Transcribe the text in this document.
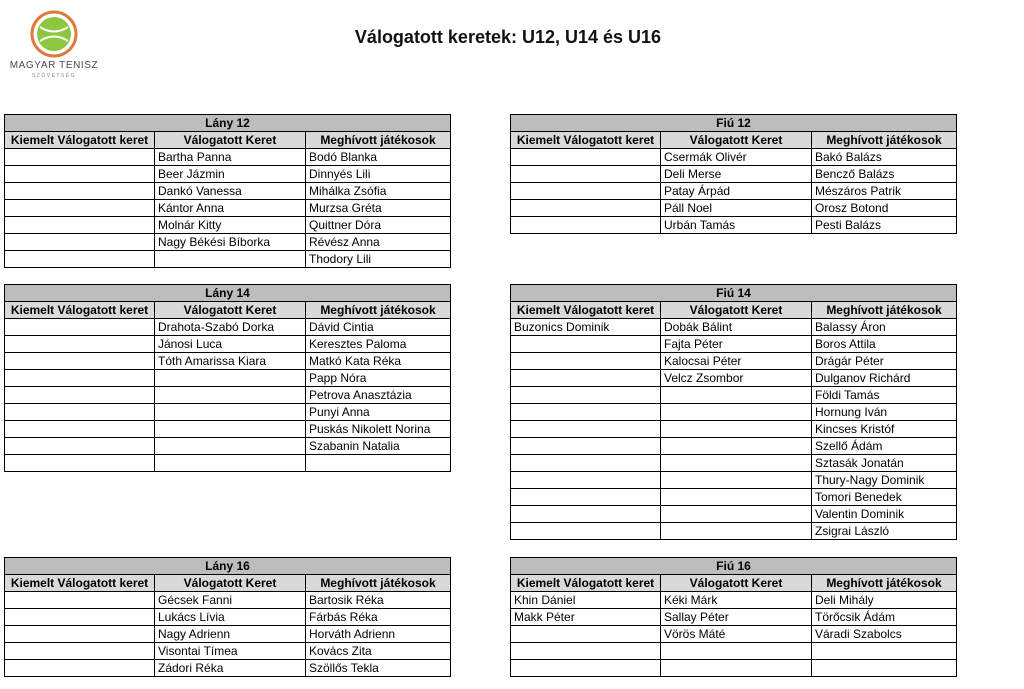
MAGYAR TENISZ
SZÖVETSÉG
Válogatott keretek: U12, U14 és U16
Lány 12		
Kiemelt Válogatott keret	Válogatott Keret	Meghívott játékosok
	Bartha Panna	Bodó Blanka
	Beer Jázmin	Dinnyés Lili
	Dankó Vanessa	Mihálka Zsófia
	Kántor Anna	Murzsa Gréta
	Molnár Kitty	Quittner Dóra
	Nagy Békési Bíborka	Révész Anna
		Thodory Lili
Fiú 12		
Kiemelt Válogatott keret	Válogatott Keret	Meghívott játékosok
	Csermák Olivér	Bakó Balázs
	Deli Merse	Bencző Balázs
	Patay Árpád	Mészáros Patrik
	Páll Noel	Orosz Botond
	Urbán Tamás	Pesti Balázs
Lány 14		
Kiemelt Válogatott keret	Válogatott Keret	Meghívott játékosok
	Drahota-Szabó Dorka	Dávid Cintia
	Jánosi Luca	Keresztes Paloma
	Tóth Amarissa Kiara	Matkó Kata Réka
		Papp Nóra
		Petrova Anasztázia
		Punyi Anna
		Puskás Nikolett Norina
		Szabanin Natalia

Fiú 14		
Kiemelt Válogatott keret	Válogatott Keret	Meghívott játékosok
Buzonics Dominik	Dobák Bálint	Balassy Áron
	Fajta Péter	Boros Attila
	Kalocsai Péter	Drágár Péter
	Velcz Zsombor	Dulganov Richárd
		Földi Tamás
		Hornung Iván
		Kincses Kristóf
		Szellő Ádám
		Sztasák Jonatán
		Thury-Nagy Dominik
		Tomori Benedek
		Valentin Dominik
		Zsigrai László
Lány 16		
Kiemelt Válogatott keret	Válogatott Keret	Meghívott játékosok
	Gécsek Fanni	Bartosik Réka
	Lukács Lívia	Fárbás Réka
	Nagy Adrienn	Horváth Adrienn
	Visontai Tímea	Kovács Zita
	Zádori Réka	Szöllős Tekla
Fiú 16		
Kiemelt Válogatott keret	Válogatott Keret	Meghívott játékosok
Khin Dániel	Kéki Márk	Deli Mihály
Makk Péter	Sallay Péter	Törőcsik Ádám
	Vörös Máté	Váradi Szabolcs
